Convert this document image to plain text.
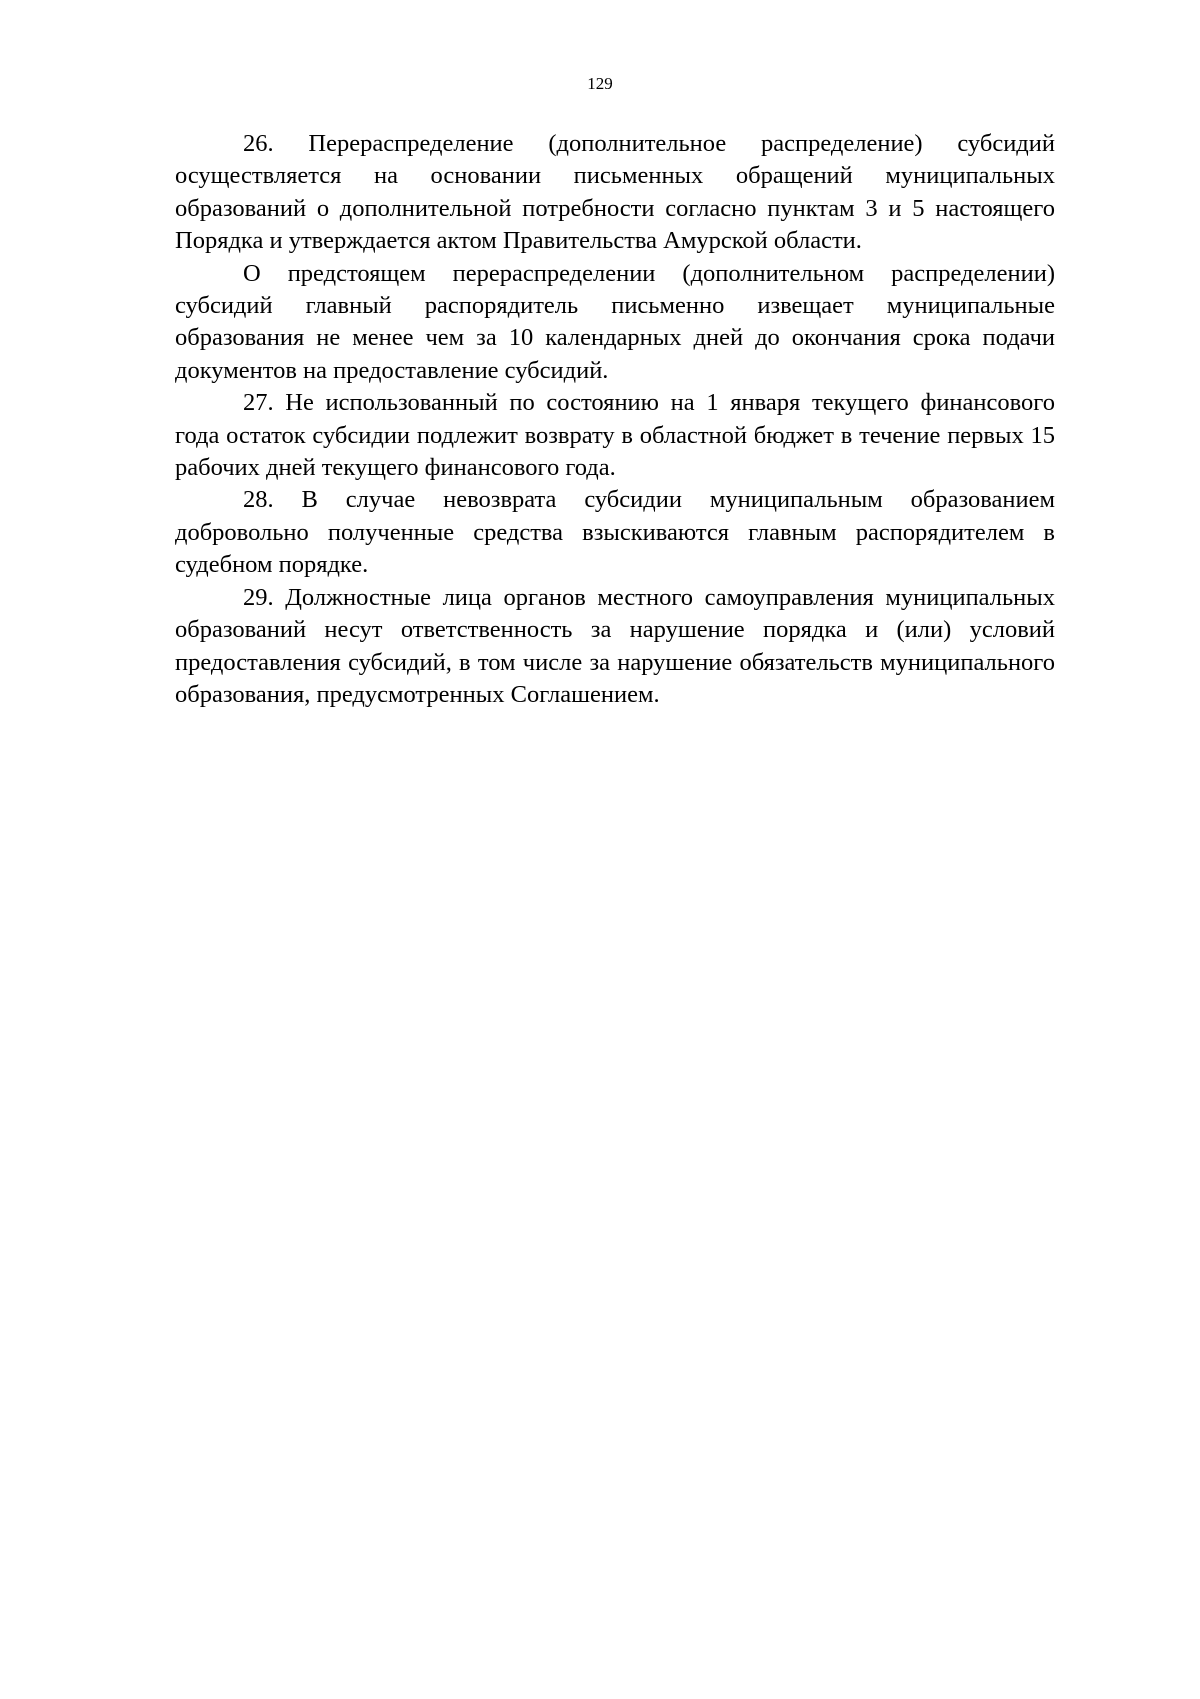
129

26. Перераспределение (дополнительное распределение) субсидий осуществляется на основании письменных обращений муниципальных образований о дополнительной потребности согласно пунктам 3 и 5 настоящего Порядка и утверждается актом Правительства Амурской области.

О предстоящем перераспределении (дополнительном распределении) субсидий главный распорядитель письменно извещает муниципальные образования не менее чем за 10 календарных дней до окончания срока подачи документов на предоставление субсидий.

27. Не использованный по состоянию на 1 января текущего финансового года остаток субсидии подлежит возврату в областной бюджет в течение первых 15 рабочих дней текущего финансового года.

28. В случае невозврата субсидии муниципальным образованием добровольно полученные средства взыскиваются главным распорядителем в судебном порядке.

29. Должностные лица органов местного самоуправления муниципальных образований несут ответственность за нарушение порядка и (или) условий предоставления субсидий, в том числе за нарушение обязательств муниципального образования, предусмотренных Соглашением.
